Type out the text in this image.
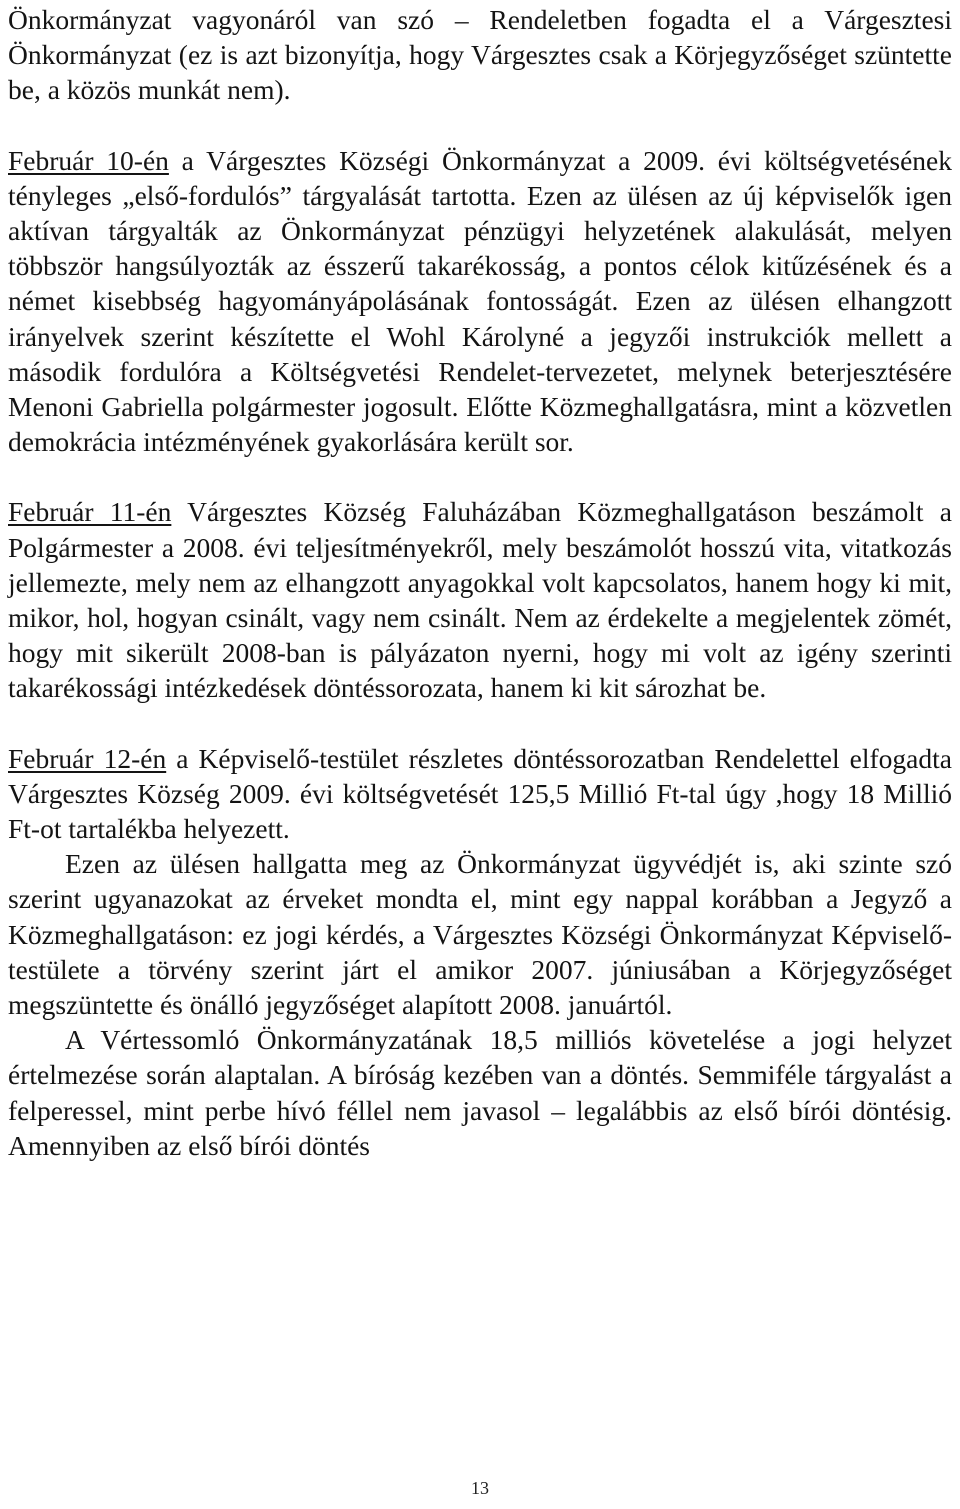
Önkormányzat vagyonáról van szó – Rendeletben fogadta el a Várgesztesi Önkormányzat (ez is azt bizonyítja, hogy Várgesztes csak a Körjegyzőséget szüntette be, a közös munkát nem).

Február 10-én a Várgesztes Községi Önkormányzat a 2009. évi költségvetésének tényleges „első-fordulós” tárgyalását tartotta. Ezen az ülésen az új képviselők igen aktívan tárgyalták az Önkormányzat pénzügyi helyzetének alakulását, melyen többször hangsúlyozták az ésszerű takarékosság, a pontos célok kitűzésének és a német kisebbség hagyományápolásának fontosságát. Ezen az ülésen elhangzott irányelvek szerint készítette el Wohl Károlyné a jegyzői instrukciók mellett a második fordulóra a Költségvetési Rendelet-tervezetet, melynek beterjesztésére Menoni Gabriella polgármester jogosult. Előtte Közmeghallgatásra, mint a közvetlen demokrácia intézményének gyakorlására került sor.

Február 11-én Várgesztes Község Faluházában Közmeghallgatáson beszámolt a Polgármester a 2008. évi teljesítményekről, mely beszámolót hosszú vita, vitatkozás jellemezte, mely nem az elhangzott anyagokkal volt kapcsolatos, hanem hogy ki mit, mikor, hol, hogyan csinált, vagy nem csinált. Nem az érdekelte a megjelentek zömét, hogy mit sikerült 2008-ban is pályázaton nyerni, hogy mi volt az igény szerinti takarékossági intézkedések döntéssorozata, hanem ki kit sározhat be.

Február 12-én a Képviselő-testület részletes döntéssorozatban Rendelettel elfogadta Várgesztes Község 2009. évi költségvetését 125,5 Millió Ft-tal úgy ,hogy 18 Millió Ft-ot tartalékba helyezett.

Ezen az ülésen hallgatta meg az Önkormányzat ügyvédjét is, aki szinte szó szerint ugyanazokat az érveket mondta el, mint egy nappal korábban a Jegyző a Közmeghallgatáson: ez jogi kérdés, a Várgesztes Községi Önkormányzat Képviselő-testülete a törvény szerint járt el amikor 2007. júniusában a Körjegyzőséget megszüntette és önálló jegyzőséget alapított 2008. januártól.

A Vértessomló Önkormányzatának 18,5 milliós követelése a jogi helyzet értelmezése során alaptalan. A bíróság kezében van a döntés. Semmiféle tárgyalást a felperessel, mint perbe hívó féllel nem javasol – legalábbis az első bírói döntésig. Amennyiben az első bírói döntés

13
